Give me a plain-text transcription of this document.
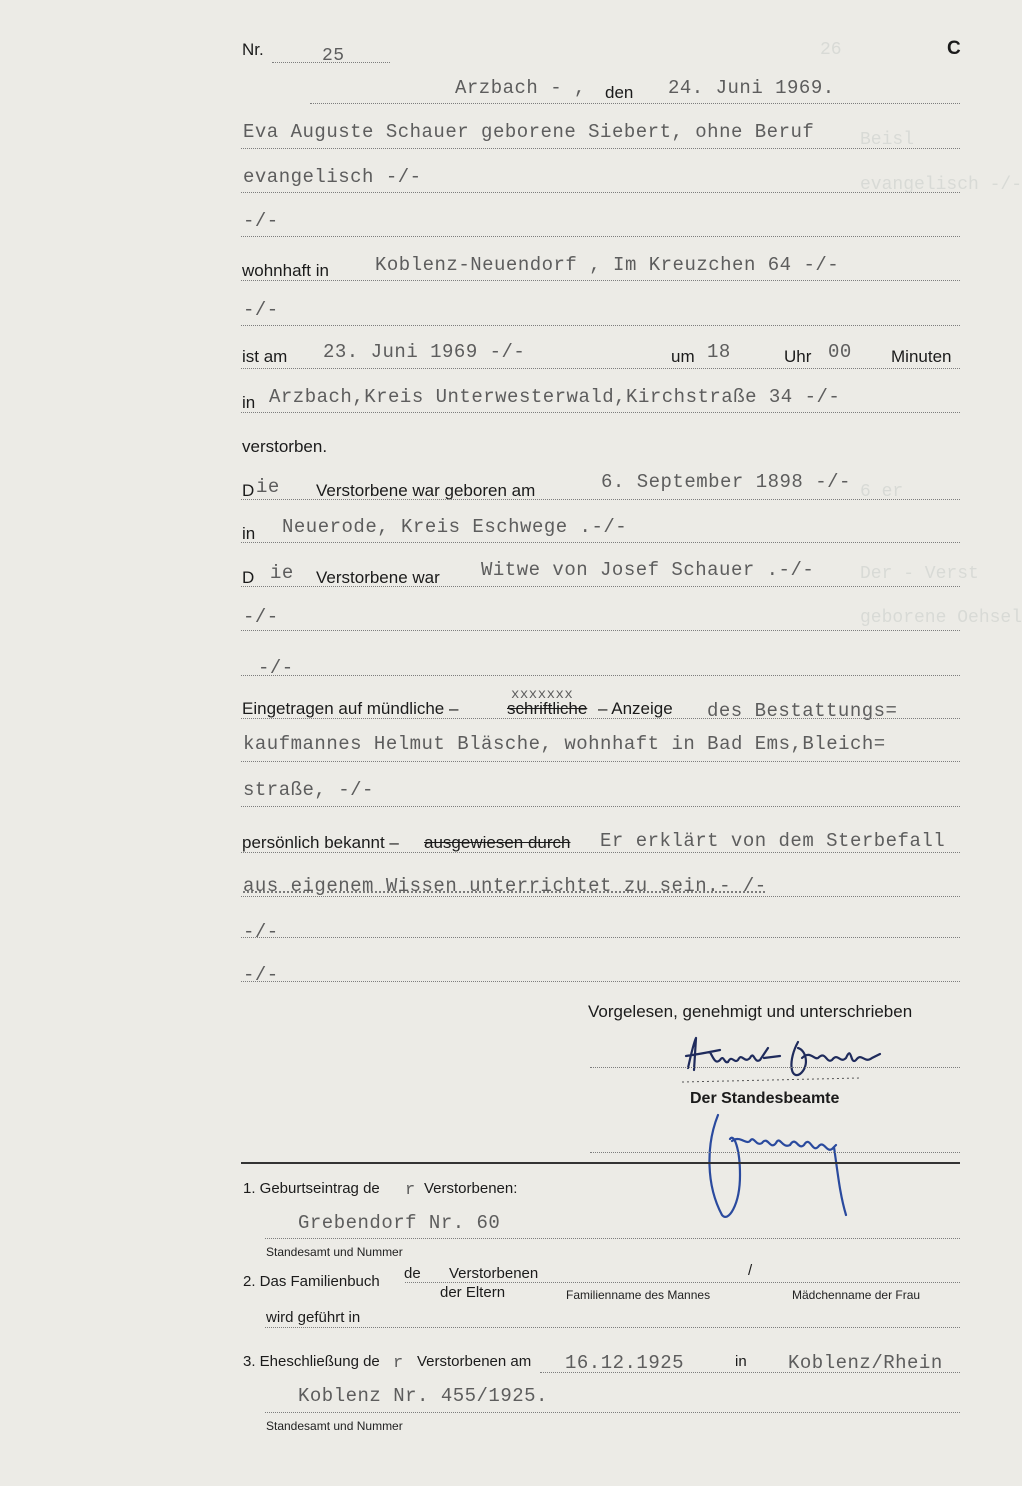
26
Beisl
evangelisch -/-
6 er
Der - Verst
geborene Oehsel
C
Nr.	25
Arzbach - , den 24. Juni 1969.
Eva Auguste Schauer geborene Siebert, ohne Beruf
evangelisch -/-
-/-
wohnhaft in Koblenz-Neuendorf , Im Kreuzchen 64 -/-
-/-
ist am 23. Juni 1969 -/-	um 18	Uhr 00 Minuten
in Arzbach,Kreis Unterwesterwald,Kirchstraße 34 -/-
verstorben.
D ie Verstorbene war geboren am	6. September 1898 -/-
in Neuerode, Kreis Eschwege .-/-
D ie Verstorbene war Witwe von Josef Schauer .-/-
-/-
-/-
Eingetragen auf mündliche –	schriftliche
xxxxxxx
– Anzeige des Bestattungs=
kaufmannes Helmut Bläsche, wohnhaft in Bad Ems,Bleich=
straße, -/-
persönlich bekannt – ausgewiesen durch Er erklärt von dem Sterbefall
aus eigenem Wissen unterrichtet zu sein.- /-
-/-
-/-
Vorgelesen, genehmigt und unterschrieben
Der Standesbeamte
1. Geburtseintrag de r Verstorbenen:
Grebendorf Nr. 60
Standesamt und Nummer
2. Das Familienbuch de Verstorbenen
der Eltern
/
Familienname des Mannes	Mädchenname der Frau
wird geführt in
3. Eheschließung de r Verstorbenen am 16.12.1925	in Koblenz/Rhein
Koblenz Nr. 455/1925.
Standesamt und Nummer
